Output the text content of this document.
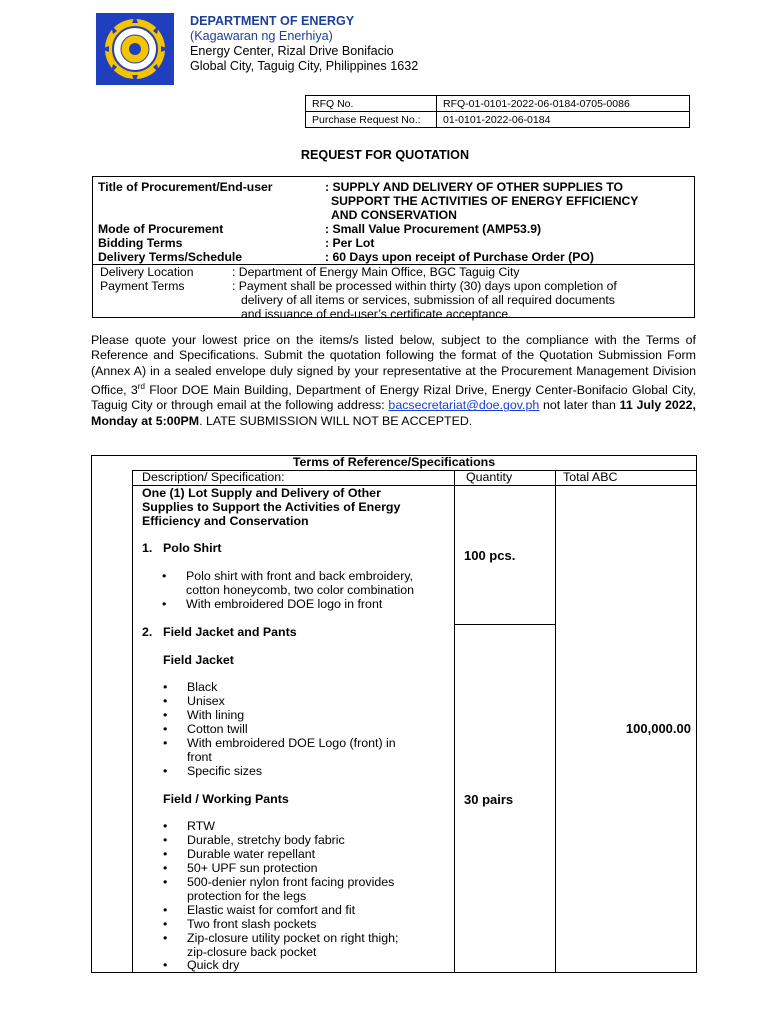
DEPARTMENT OF ENERGY
(Kagawaran ng Enerhiya)
Energy Center, Rizal Drive Bonifacio
Global City, Taguig City, Philippines 1632
RFQ No.	RFQ-01-0101-2022-06-0184-0705-0086
Purchase Request No.:	01-0101-2022-06-0184
REQUEST FOR QUOTATION
Title of Procurement/End-user	: SUPPLY AND DELIVERY OF OTHER SUPPLIES TO
SUPPORT THE ACTIVITIES OF ENERGY EFFICIENCY
AND CONSERVATION
Mode of Procurement	: Small Value Procurement (AMP53.9)
Bidding Terms	: Per Lot
Delivery Terms/Schedule	: 60 Days upon receipt of Purchase Order (PO)
Delivery Location	: Department of Energy Main Office, BGC Taguig City
Payment Terms	: Payment shall be processed within thirty (30) days upon completion of
delivery of all items or services, submission of all required documents
and issuance of end-user’s certificate acceptance.
Please quote your lowest price on the items/s listed below, subject to the compliance with the Terms of Reference and Specifications. Submit the quotation following the format of the Quotation Submission Form (Annex A) in a sealed envelope duly signed by your representative at the Procurement Management Division Office, 3rd Floor DOE Main Building, Department of Energy Rizal Drive, Energy Center-Bonifacio Global City, Taguig City or through email at the following address: bacsecretariat@doe.gov.ph not later than 11 July 2022, Monday at 5:00PM. LATE SUBMISSION WILL NOT BE ACCEPTED.
Terms of Reference/Specifications
Description/ Specification:	Quantity	Total ABC
One (1) Lot Supply and Delivery of Other
Supplies to Support the Activities of Energy
Efficiency and Conservation
1. Polo Shirt	100 pcs.
• Polo shirt with front and back embroidery,
cotton honeycomb, two color combination
• With embroidered DOE logo in front
2. Field Jacket and Pants
Field Jacket
• Black
• Unisex
• With lining
• Cotton twill
• With embroidered DOE Logo (front) in
front
• Specific sizes
Field / Working Pants	30 pairs
• RTW
• Durable, stretchy body fabric
• Durable water repellant
• 50+ UPF sun protection
• 500-denier nylon front facing provides
protection for the legs
• Elastic waist for comfort and fit
• Two front slash pockets
• Zip-closure utility pocket on right thigh;
zip-closure back pocket
• Quick dry
100,000.00
